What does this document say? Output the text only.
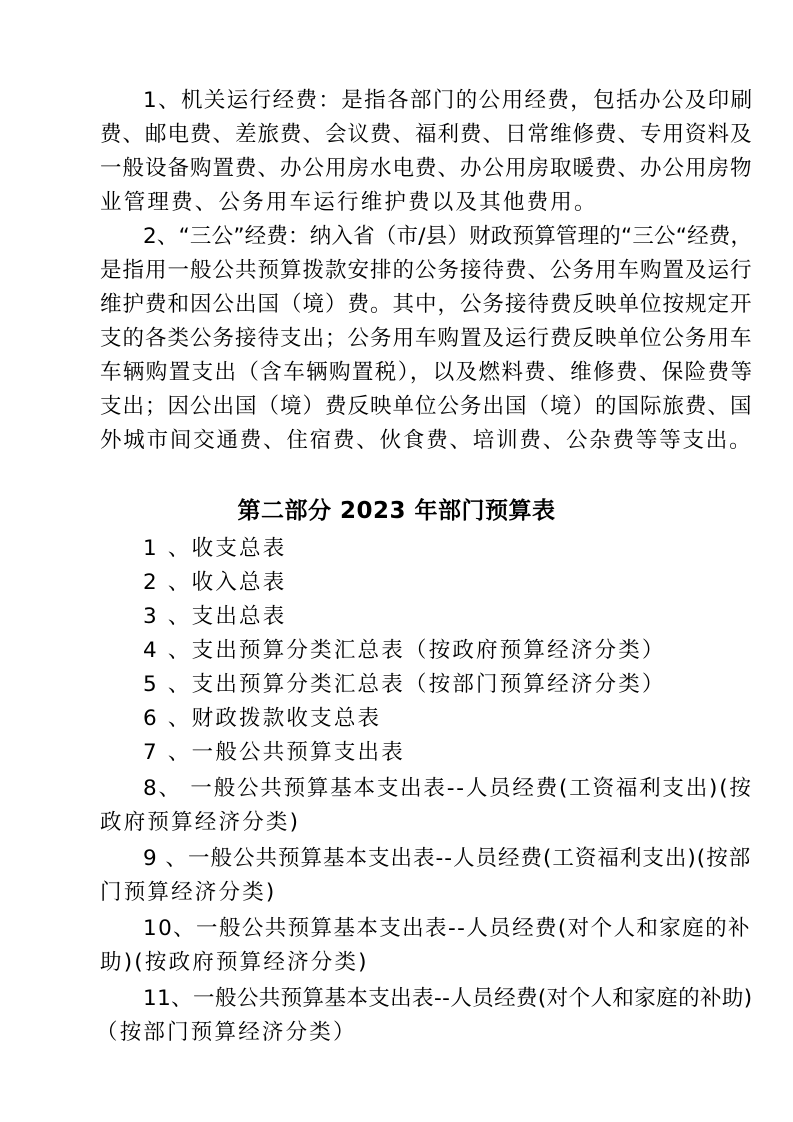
1、机关运行经费：是指各部门的公用经费，包括办公及印刷
费、邮电费、差旅费、会议费、福利费、日常维修费、专用资料及
一般设备购置费、办公用房水电费、办公用房取暖费、办公用房物
业管理费、公务用车运行维护费以及其他费用。
2、“三公”经费：纳入省（市/县）财政预算管理的“三公“经费，
是指用一般公共预算拨款安排的公务接待费、公务用车购置及运行
维护费和因公出国（境）费。其中，公务接待费反映单位按规定开
支的各类公务接待支出；公务用车购置及运行费反映单位公务用车
车辆购置支出（含车辆购置税），以及燃料费、维修费、保险费等
支出；因公出国（境）费反映单位公务出国（境）的国际旅费、国
外城市间交通费、住宿费、伙食费、培训费、公杂费等等支出。
第二部分 2023 年部门预算表
1 、收支总表
2 、收入总表
3 、支出总表
4 、支出预算分类汇总表（按政府预算经济分类）
5 、支出预算分类汇总表（按部门预算经济分类）
6 、财政拨款收支总表
7 、一般公共预算支出表
8、 一般公共预算基本支出表--人员经费(工资福利支出)(按
政府预算经济分类)
9 、一般公共预算基本支出表--人员经费(工资福利支出)(按部
门预算经济分类)
10、一般公共预算基本支出表--人员经费(对个人和家庭的补
助)(按政府预算经济分类)
11、一般公共预算基本支出表--人员经费(对个人和家庭的补助)
（按部门预算经济分类）
